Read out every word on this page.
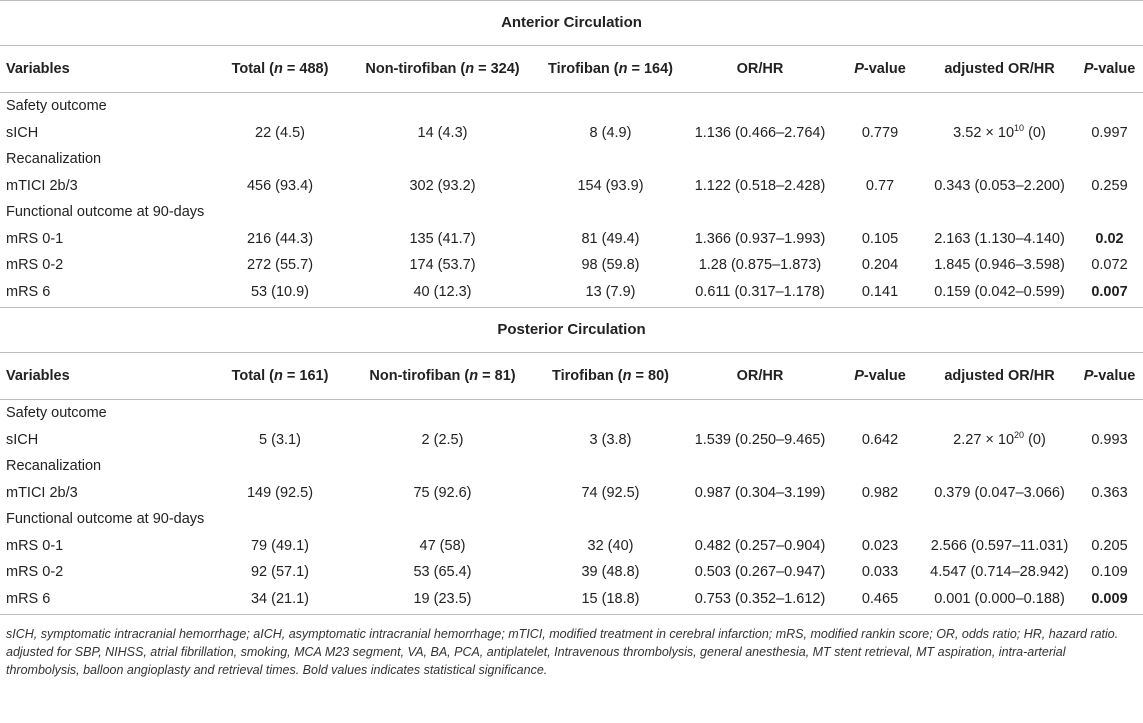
Anterior Circulation
Variables	Total (n = 488)	Non-tirofiban (n = 324)	Tirofiban (n = 164)	OR/HR	P-value	adjusted OR/HR	P-value
Safety outcome							
sICH	22 (4.5)	14 (4.3)	8 (4.9)	1.136 (0.466–2.764)	0.779	$3.52 \times 10^{10}$ (0)	0.997
Recanalization							
mTICI 2b/3	456 (93.4)	302 (93.2)	154 (93.9)	1.122 (0.518–2.428)	0.77	0.343 (0.053–2.200)	0.259
Functional outcome at 90-days							
mRS 0-1	216 (44.3)	135 (41.7)	81 (49.4)	1.366 (0.937–1.993)	0.105	2.163 (1.130–4.140)	0.02
mRS 0-2	272 (55.7)	174 (53.7)	98 (59.8)	1.28 (0.875–1.873)	0.204	1.845 (0.946–3.598)	0.072
mRS 6	53 (10.9)	40 (12.3)	13 (7.9)	0.611 (0.317–1.178)	0.141	0.159 (0.042–0.599)	0.007
Posterior Circulation
Variables	Total (n = 161)	Non-tirofiban (n = 81)	Tirofiban (n = 80)	OR/HR	P-value	adjusted OR/HR	P-value
Safety outcome							
sICH	5 (3.1)	2 (2.5)	3 (3.8)	1.539 (0.250–9.465)	0.642	$2.27 \times 10^{20}$ (0)	0.993
Recanalization							
mTICI 2b/3	149 (92.5)	75 (92.6)	74 (92.5)	0.987 (0.304–3.199)	0.982	0.379 (0.047–3.066)	0.363
Functional outcome at 90-days							
mRS 0-1	79 (49.1)	47 (58)	32 (40)	0.482 (0.257–0.904)	0.023	2.566 (0.597–11.031)	0.205
mRS 0-2	92 (57.1)	53 (65.4)	39 (48.8)	0.503 (0.267–0.947)	0.033	4.547 (0.714–28.942)	0.109
mRS 6	34 (21.1)	19 (23.5)	15 (18.8)	0.753 (0.352–1.612)	0.465	0.001 (0.000–0.188)	0.009

sICH, symptomatic intracranial hemorrhage; aICH, asymptomatic intracranial hemorrhage; mTICI, modified treatment in cerebral infarction; mRS, modified rankin score; OR, odds ratio; HR, hazard ratio.

adjusted for SBP, NIHSS, atrial fibrillation, smoking, MCA M23 segment, VA, BA, PCA, antiplatelet, Intravenous thrombolysis, general anesthesia, MT stent retrieval, MT aspiration, intra-arterial thrombolysis, balloon angioplasty and retrieval times. Bold values indicates statistical significance.
